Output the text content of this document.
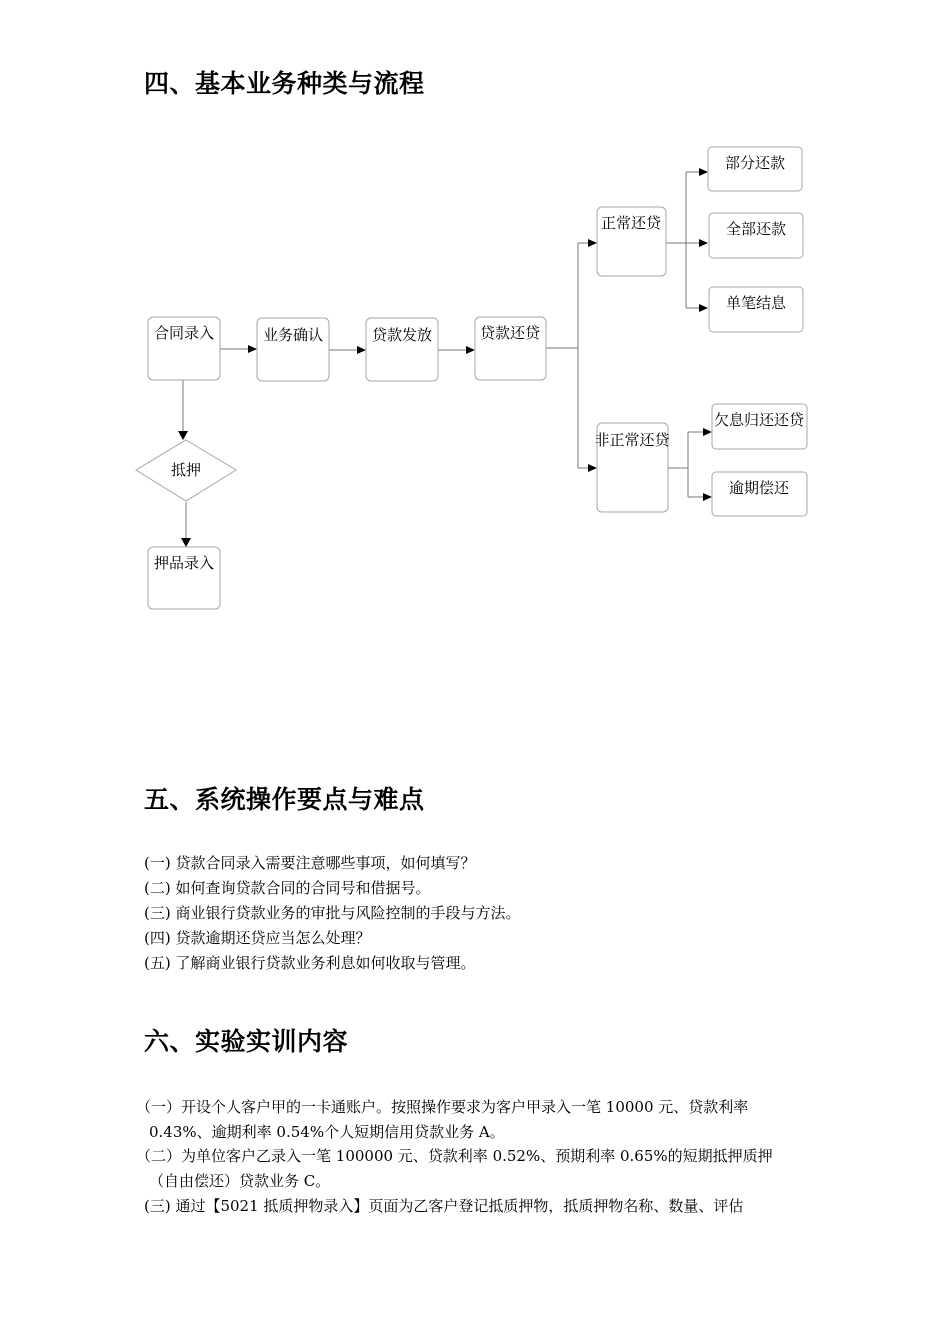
四、基本业务种类与流程
合同录入	业务确认	贷款发放	贷款还贷
抵押
押品录入
正常还贷
非正常还贷
部分还款
全部还款
单笔结息
欠息归还还贷
逾期偿还
五、系统操作要点与难点

(一) 贷款合同录入需要注意哪些事项，如何填写？

(二) 如何查询贷款合同的合同号和借据号。

(三) 商业银行贷款业务的审批与风险控制的手段与方法。

(四) 贷款逾期还贷应当怎么处理？

(五) 了解商业银行贷款业务利息如何收取与管理。

六、实验实训内容

（一）开设个人客户甲的一卡通账户。按照操作要求为客户甲录入一笔 10000 元、贷款利率

0.43%、逾期利率 0.54%个人短期信用贷款业务 A。

（二）为单位客户乙录入一笔 100000 元、贷款利率 0.52%、预期利率 0.65%的短期抵押质押

（自由偿还）贷款业务 C。

(三) 通过【5021 抵质押物录入】页面为乙客户登记抵质押物，抵质押物名称、数量、评估
